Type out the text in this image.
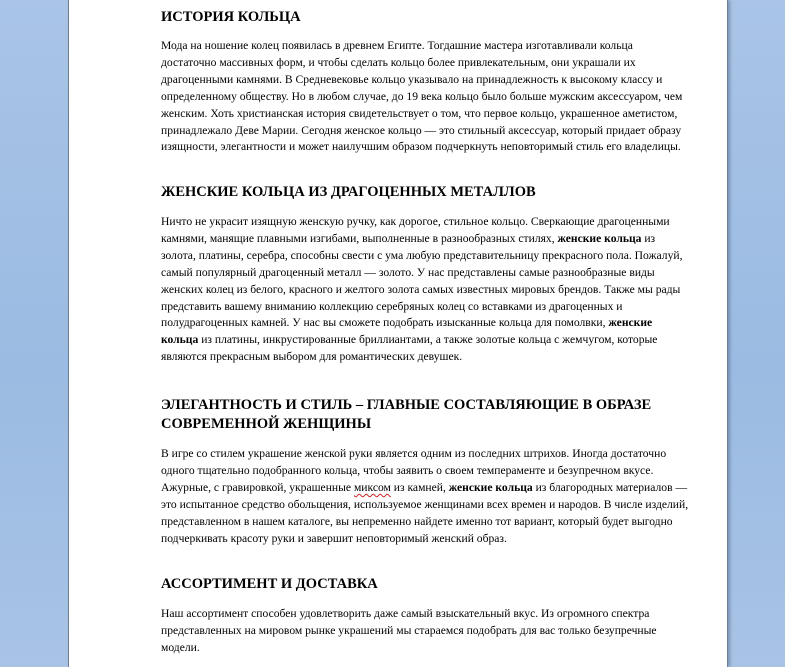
ИСТОРИЯ КОЛЬЦА

Мода на ношение колец появилась в древнем Египте. Тогдашние мастера изготавливали кольца достаточно массивных форм, и чтобы сделать кольцо более привлекательным, они украшали их драгоценными камнями. В Средневековье кольцо указывало на принадлежность к высокому классу и определенному обществу. Но в любом случае, до 19 века кольцо было больше мужским аксессуаром, чем женским. Хоть христианская история свидетельствует о том, что первое кольцо, украшенное аметистом, принадлежало Деве Марии. Сегодня женское кольцо — это стильный аксессуар, который придает образу изящности, элегантности и может наилучшим образом подчеркнуть неповторимый стиль его владелицы.

ЖЕНСКИЕ КОЛЬЦА ИЗ ДРАГОЦЕННЫХ МЕТАЛЛОВ

Ничто не украсит изящную женскую ручку, как дорогое, стильное кольцо. Сверкающие драгоценными камнями, манящие плавными изгибами, выполненные в разнообразных стилях, женские кольца из золота, платины, серебра, способны свести с ума любую представительницу прекрасного пола. Пожалуй, самый популярный драгоценный металл — золото. У нас представлены самые разнообразные виды женских колец из белого, красного и желтого золота самых известных мировых брендов. Также мы рады представить вашему вниманию коллекцию серебряных колец со вставками из драгоценных и полудрагоценных камней. У нас вы сможете подобрать изысканные кольца для помолвки, женские кольца из платины, инкрустированные бриллиантами, а также золотые кольца с жемчугом, которые являются прекрасным выбором для романтических девушек.

ЭЛЕГАНТНОСТЬ И СТИЛЬ – ГЛАВНЫЕ СОСТАВЛЯЮЩИЕ В ОБРАЗЕ СОВРЕМЕННОЙ ЖЕНЩИНЫ

В игре со стилем украшение женской руки является одним из последних штрихов. Иногда достаточно одного тщательно подобранного кольца, чтобы заявить о своем темпераменте и безупречном вкусе. Ажурные, с гравировкой, украшенные миксом из камней, женские кольца из благородных материалов — это испытанное средство обольщения, используемое женщинами всех времен и народов. В числе изделий, представленном в нашем каталоге, вы непременно найдете именно тот вариант, который будет выгодно подчеркивать красоту руки и завершит неповторимый женский образ.

АССОРТИМЕНТ И ДОСТАВКА

Наш ассортимент способен удовлетворить даже самый взыскательный вкус. Из огромного спектра представленных на мировом рынке украшений мы стараемся подобрать для вас только безупречные модели.
